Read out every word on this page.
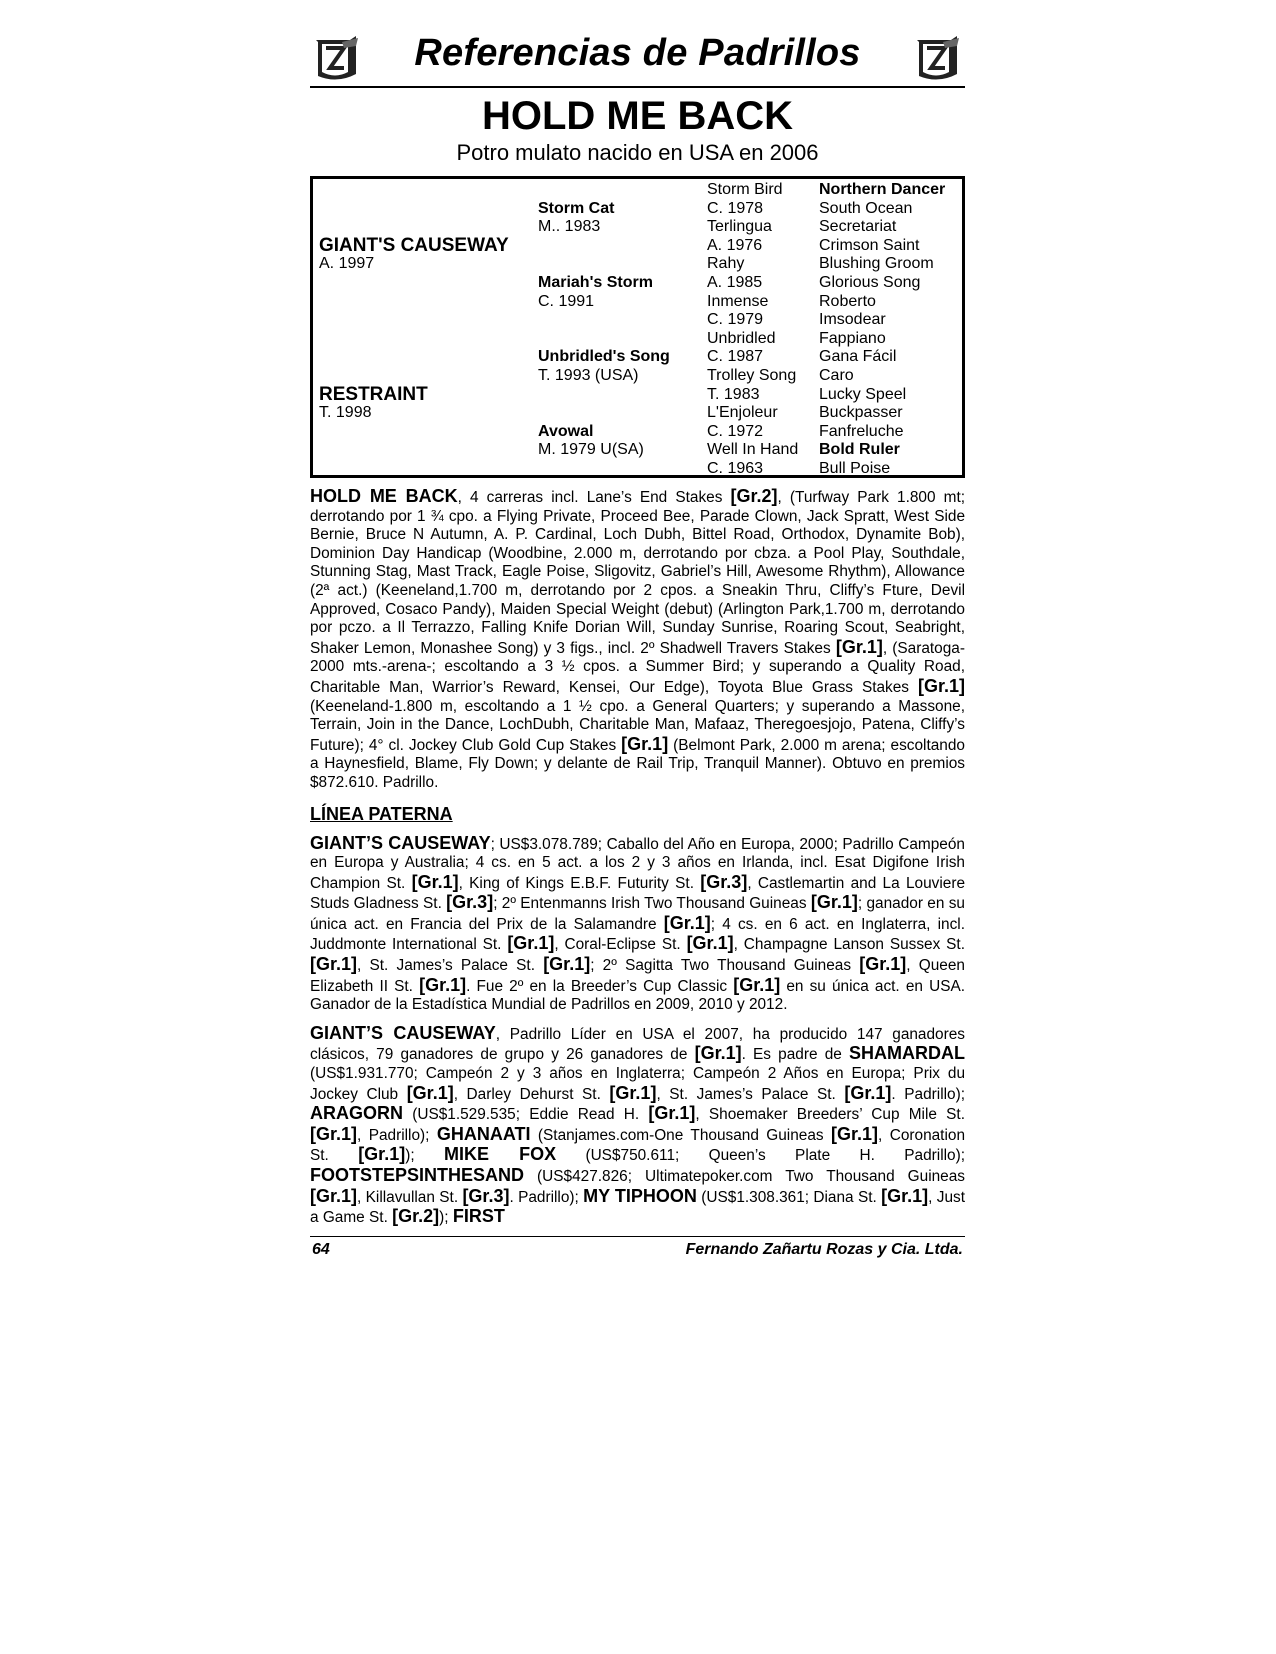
Referencias de Padrillos
HOLD ME BACK
Potro mulato nacido en USA en 2006
GIANT'S CAUSEWAY
A. 1997
RESTRAINT
T. 1998
Storm Cat
M.. 1983
Mariah's Storm
C. 1991
Unbridled's Song
T. 1993 (USA)
Avowal
M. 1979 U(SA)
Storm Bird
C. 1978
Terlingua
A. 1976
Rahy
A. 1985
Inmense
C. 1979
Unbridled
C. 1987
Trolley Song
T. 1983
L'Enjoleur
C. 1972
Well In Hand
C. 1963
Northern Dancer
South Ocean
Secretariat
Crimson Saint
Blushing Groom
Glorious Song
Roberto
Imsodear
Fappiano
Gana Fácil
Caro
Lucky Speel
Buckpasser
Fanfreluche
Bold Ruler
Bull Poise
HOLD ME BACK, 4 carreras incl. Lane’s End Stakes [Gr.2], (Turfway Park 1.800 mt; derrotando por 1 ¾ cpo. a Flying Private, Proceed Bee, Parade Clown, Jack Spratt, West Side Bernie, Bruce N Autumn, A. P. Cardinal, Loch Dubh, Bittel Road, Orthodox, Dynamite Bob), Dominion Day Handicap (Woodbine, 2.000 m, derrotando por cbza. a Pool Play, Southdale, Stunning Stag, Mast Track, Eagle Poise, Sligovitz, Gabriel’s Hill, Awesome Rhythm), Allowance (2ª act.) (Keeneland,1.700 m, derrotando por 2 cpos. a Sneakin Thru, Cliffy’s Fture, Devil Approved, Cosaco Pandy), Maiden Special Weight (debut) (Arlington Park,1.700 m, derrotando por pczo. a Il Terrazzo, Falling Knife Dorian Will, Sunday Sunrise, Roaring Scout, Seabright, Shaker Lemon, Monashee Song) y 3 figs., incl. 2º Shadwell Travers Stakes [Gr.1], (Saratoga-2000 mts.-arena-; escoltando a 3 ½ cpos. a Summer Bird; y superando a Quality Road, Charitable Man, Warrior’s Reward, Kensei, Our Edge), Toyota Blue Grass Stakes [Gr.1] (Keeneland-1.800 m, escoltando a 1 ½ cpo. a General Quarters; y superando a Massone, Terrain, Join in the Dance, LochDubh, Charitable Man, Mafaaz, Theregoesjojo, Patena, Cliffy’s Future); 4° cl. Jockey Club Gold Cup Stakes [Gr.1] (Belmont Park, 2.000 m arena; escoltando a Haynesfield, Blame, Fly Down; y delante de Rail Trip, Tranquil Manner). Obtuvo en premios $872.610. Padrillo.
LÍNEA PATERNA
GIANT’S CAUSEWAY; US$3.078.789; Caballo del Año en Europa, 2000; Padrillo Campeón en Europa y Australia; 4 cs. en 5 act. a los 2 y 3 años en Irlanda, incl. Esat Digifone Irish Champion St. [Gr.1], King of Kings E.B.F. Futurity St. [Gr.3], Castlemartin and La Louviere Studs Gladness St. [Gr.3]; 2º Entenmanns Irish Two Thousand Guineas [Gr.1]; ganador en su única act. en Francia del Prix de la Salamandre [Gr.1]; 4 cs. en 6 act. en Inglaterra, incl. Juddmonte International St. [Gr.1], Coral-Eclipse St. [Gr.1], Champagne Lanson Sussex St. [Gr.1], St. James’s Palace St. [Gr.1]; 2º Sagitta Two Thousand Guineas [Gr.1], Queen Elizabeth II St. [Gr.1]. Fue 2º en la Breeder’s Cup Classic [Gr.1] en su única act. en USA. Ganador de la Estadística Mundial de Padrillos en 2009, 2010 y 2012.
GIANT’S CAUSEWAY, Padrillo Líder en USA el 2007, ha producido 147 ganadores clásicos, 79 ganadores de grupo y 26 ganadores de [Gr.1]. Es padre de SHAMARDAL (US$1.931.770; Campeón 2 y 3 años en Inglaterra; Campeón 2 Años en Europa; Prix du Jockey Club [Gr.1], Darley Dehurst St. [Gr.1], St. James’s Palace St. [Gr.1]. Padrillo); ARAGORN (US$1.529.535; Eddie Read H. [Gr.1], Shoemaker Breeders’ Cup Mile St. [Gr.1], Padrillo); GHANAATI (Stanjames.com-One Thousand Guineas [Gr.1], Coronation St. [Gr.1]); MIKE FOX (US$750.611; Queen’s Plate H. Padrillo); FOOTSTEPSINTHESAND (US$427.826; Ultimatepoker.com Two Thousand Guineas [Gr.1], Killavullan St. [Gr.3]. Padrillo); MY TIPHOON (US$1.308.361; Diana St. [Gr.1], Just a Game St. [Gr.2]); FIRST
64	Fernando Zañartu Rozas y Cia. Ltda.
